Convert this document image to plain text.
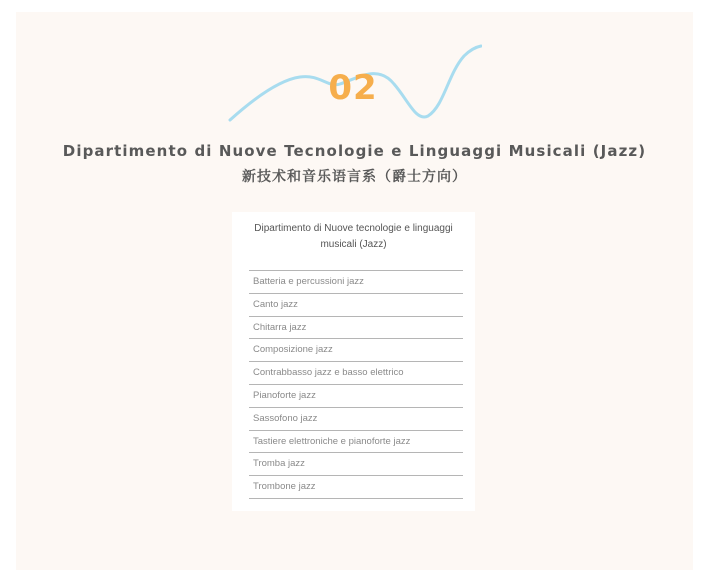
02
Dipartimento di Nuove Tecnologie e Linguaggi Musicali (Jazz)
新技术和音乐语言系（爵士方向）
Dipartimento di Nuove tecnologie e linguaggi musicali (Jazz)
Batteria e percussioni jazz
Canto jazz
Chitarra jazz
Composizione jazz
Contrabbasso jazz e basso elettrico
Pianoforte jazz
Sassofono jazz
Tastiere elettroniche e pianoforte jazz
Tromba jazz
Trombone jazz
